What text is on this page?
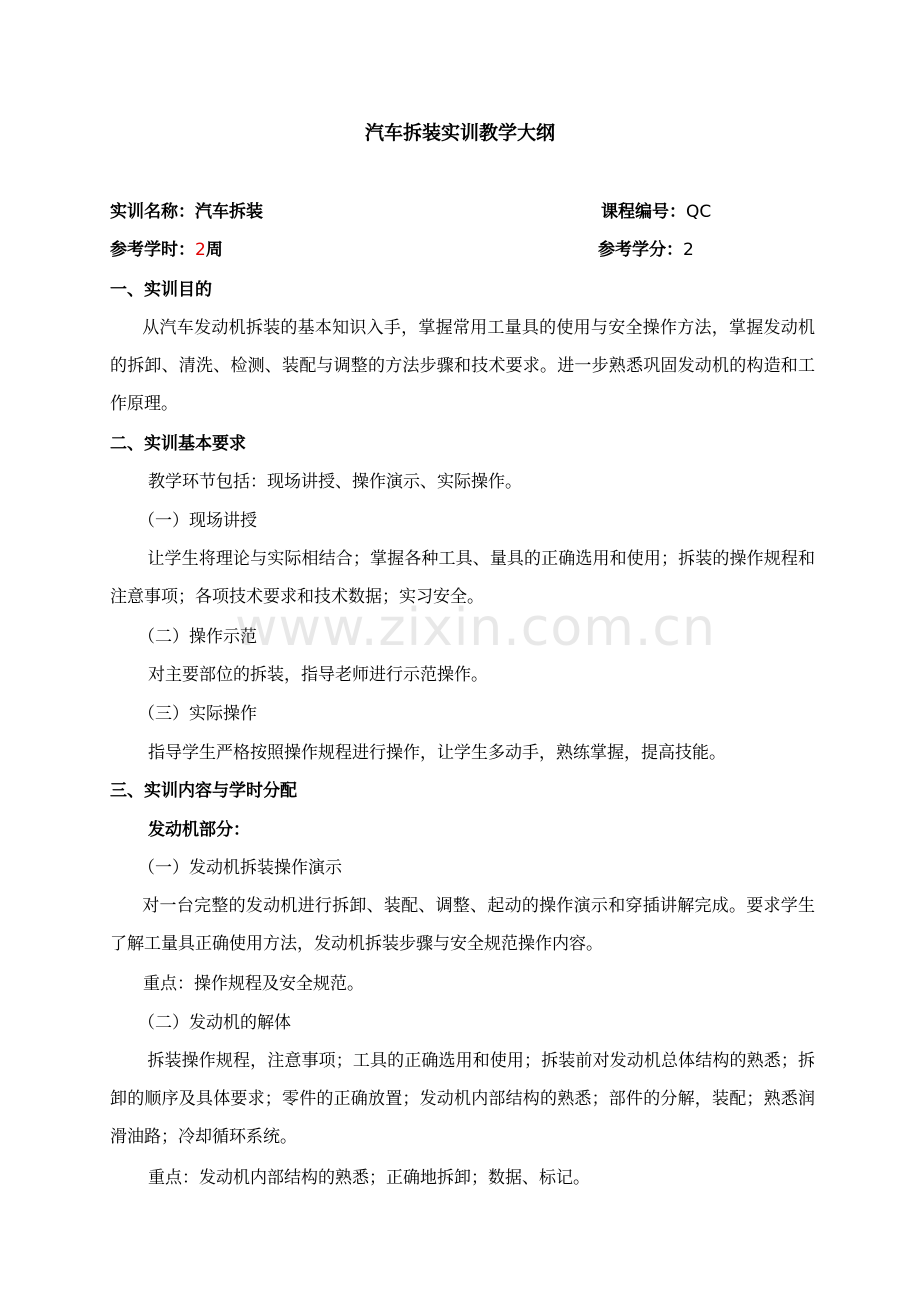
汽车拆装实训教学大纲
实训名称：汽车拆装	课程编号：QC
参考学时：2周	参考学分：2
一、实训目的
从汽车发动机拆装的基本知识入手，掌握常用工量具的使用与安全操作方法，掌握发动机的拆卸、清洗、检测、装配与调整的方法步骤和技术要求。进一步熟悉巩固发动机的构造和工作原理。
二、实训基本要求
教学环节包括：现场讲授、操作演示、实际操作。
（一）现场讲授
让学生将理论与实际相结合；掌握各种工具、量具的正确选用和使用；拆装的操作规程和注意事项；各项技术要求和技术数据；实习安全。
（二）操作示范
对主要部位的拆装，指导老师进行示范操作。
（三）实际操作
指导学生严格按照操作规程进行操作，让学生多动手，熟练掌握，提高技能。
三、实训内容与学时分配
发动机部分：
（一）发动机拆装操作演示
对一台完整的发动机进行拆卸、装配、调整、起动的操作演示和穿插讲解完成。要求学生了解工量具正确使用方法，发动机拆装步骤与安全规范操作内容。
重点：操作规程及安全规范。
（二）发动机的解体
拆装操作规程，注意事项；工具的正确选用和使用；拆装前对发动机总体结构的熟悉；拆卸的顺序及具体要求；零件的正确放置；发动机内部结构的熟悉；部件的分解，装配；熟悉润滑油路；冷却循环系统。
重点：发动机内部结构的熟悉；正确地拆卸；数据、标记。
www.zixin.com.cn
